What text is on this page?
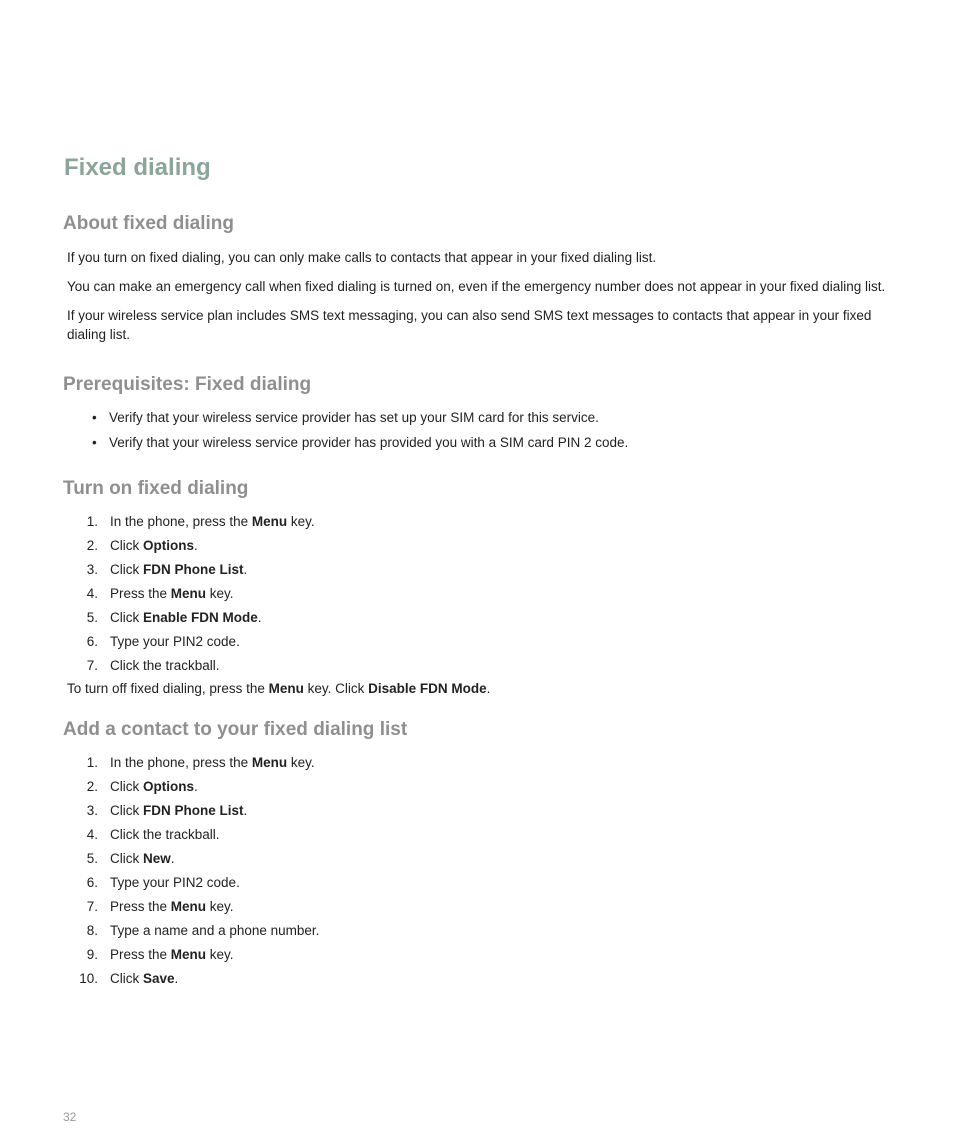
Fixed dialing
About fixed dialing

If you turn on fixed dialing, you can only make calls to contacts that appear in your fixed dialing list.

You can make an emergency call when fixed dialing is turned on, even if the emergency number does not appear in your fixed dialing list.

If your wireless service plan includes SMS text messaging, you can also send SMS text messages to contacts that appear in your fixed dialing list.

Prerequisites: Fixed dialing
• Verify that your wireless service provider has set up your SIM card for this service.
• Verify that your wireless service provider has provided you with a SIM card PIN 2 code.
Turn on fixed dialing
1. In the phone, press the Menu key.
2. Click Options.
3. Click FDN Phone List.
4. Press the Menu key.
5. Click Enable FDN Mode.
6. Type your PIN2 code.
7. Click the trackball.

To turn off fixed dialing, press the Menu key. Click Disable FDN Mode.

Add a contact to your fixed dialing list
1. In the phone, press the Menu key.
2. Click Options.
3. Click FDN Phone List.
4. Click the trackball.
5. Click New.
6. Type your PIN2 code.
7. Press the Menu key.
8. Type a name and a phone number.
9. Press the Menu key.
10. Click Save.
32
